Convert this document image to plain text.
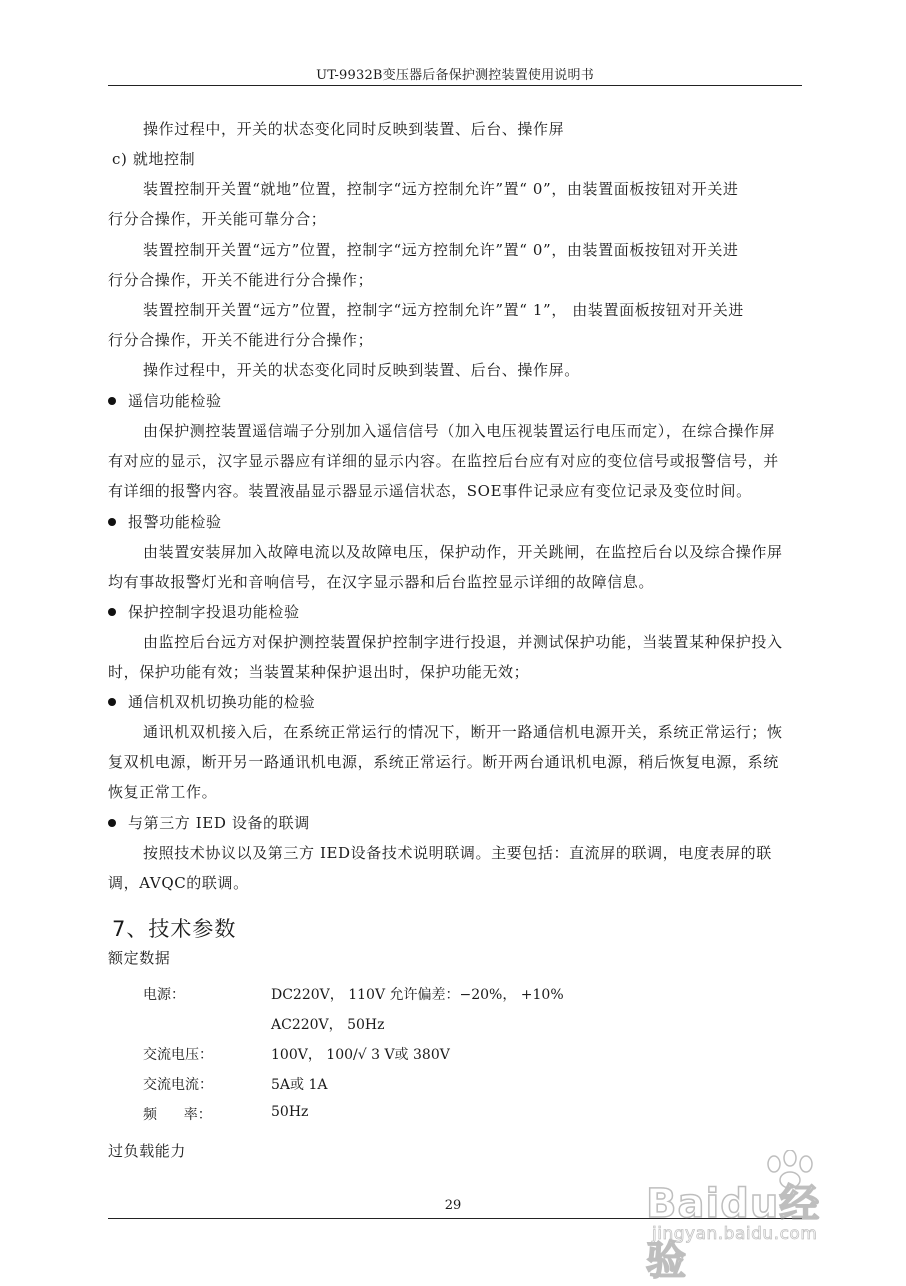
UT-9932B变压器后备保护测控装置使用说明书
操作过程中，开关的状态变化同时反映到装置、后台、操作屏
c) 就地控制
装置控制开关置“就地”位置，控制字“远方控制允许”置“ 0”，由装置面板按钮对开关进
行分合操作，开关能可靠分合；
装置控制开关置“远方”位置，控制字“远方控制允许”置“ 0”，由装置面板按钮对开关进
行分合操作，开关不能进行分合操作；
装置控制开关置“远方”位置，控制字“远方控制允许”置“ 1”， 由装置面板按钮对开关进
行分合操作，开关不能进行分合操作；
操作过程中，开关的状态变化同时反映到装置、后台、操作屏。
遥信功能检验
由保护测控装置遥信端子分别加入遥信信号（加入电压视装置运行电压而定），在综合操作屏
有对应的显示，汉字显示器应有详细的显示内容。在监控后台应有对应的变位信号或报警信号，并
有详细的报警内容。装置液晶显示器显示遥信状态，SOE事件记录应有变位记录及变位时间。
报警功能检验
由装置安装屏加入故障电流以及故障电压，保护动作，开关跳闸，在监控后台以及综合操作屏
均有事故报警灯光和音响信号，在汉字显示器和后台监控显示详细的故障信息。
保护控制字投退功能检验
由监控后台远方对保护测控装置保护控制字进行投退，并测试保护功能，当装置某种保护投入
时，保护功能有效；当装置某种保护退出时，保护功能无效；
通信机双机切换功能的检验
通讯机双机接入后，在系统正常运行的情况下，断开一路通信机电源开关，系统正常运行；恢
复双机电源，断开另一路通讯机电源，系统正常运行。断开两台通讯机电源，稍后恢复电源，系统
恢复正常工作。
与第三方 IED 设备的联调
按照技术协议以及第三方 IED设备技术说明联调。主要包括：直流屏的联调，电度表屏的联
调，AVQC的联调。
7、技术参数
额定数据
电源：	DC220V， 110V 允许偏差：−20%， +10%
AC220V， 50Hz
交流电压：	100V， 100/√ 3 V或 380V
交流电流：	5A或 1A
频      率：	50Hz
过负载能力
29	Baidu经验
jingyan.baidu.com
